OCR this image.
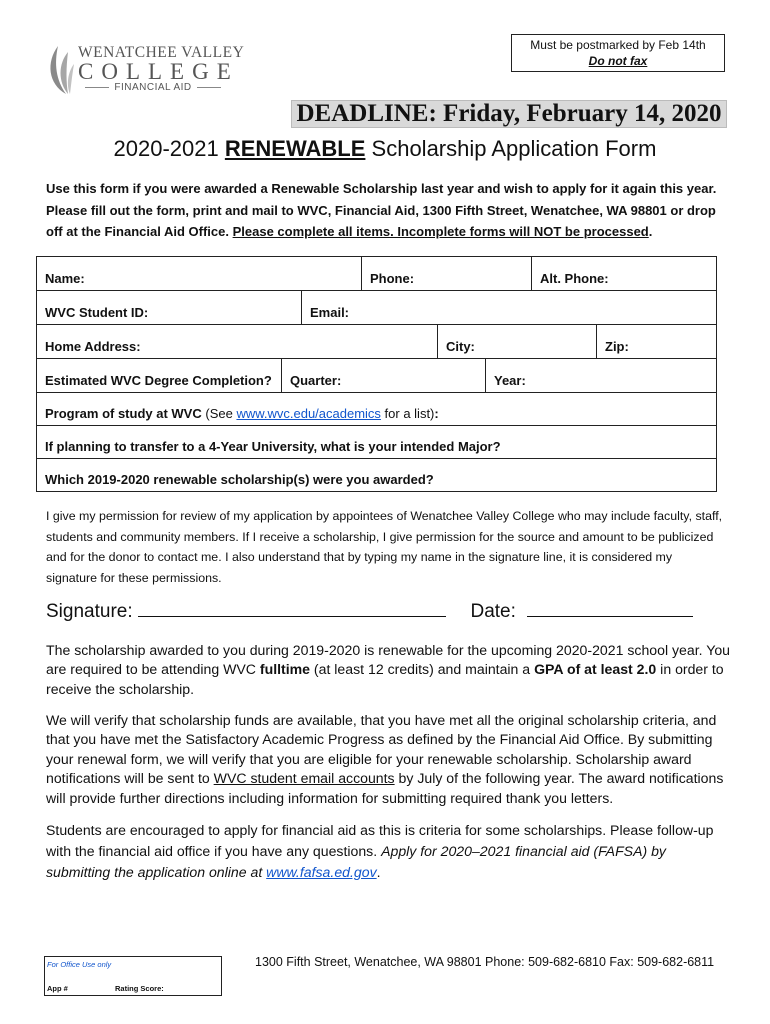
Must be postmarked by Feb 14th
Do not fax
WENATCHEE VALLEY
COLLEGE
FINANCIAL AID
DEADLINE: Friday, February 14, 2020
2020-2021 RENEWABLE Scholarship Application Form
Use this form if you were awarded a Renewable Scholarship last year and wish to apply for it again this year. Please fill out the form, print and mail to WVC, Financial Aid, 1300 Fifth Street, Wenatchee, WA 98801 or drop off at the Financial Aid Office. Please complete all items. Incomplete forms will NOT be processed.
Name:	Phone:	Alt. Phone:
WVC Student ID:	Email:
Home Address:	City:	Zip:
Estimated WVC Degree Completion? Quarter:	Year:
Program of study at WVC (See www.wvc.edu/academics for a list):
If planning to transfer to a 4-Year University, what is your intended Major?
Which 2019-2020 renewable scholarship(s) were you awarded?
I give my permission for review of my application by appointees of Wenatchee Valley College who may include faculty, staff, students and community members. If I receive a scholarship, I give permission for the source and amount to be publicized and for the donor to contact me. I also understand that by typing my name in the signature line, it is considered my signature for these permissions.
Signature:	Date:
The scholarship awarded to you during 2019-2020 is renewable for the upcoming 2020-2021 school year. You are required to be attending WVC fulltime (at least 12 credits) and maintain a GPA of at least 2.0 in order to receive the scholarship.
We will verify that scholarship funds are available, that you have met all the original scholarship criteria, and that you have met the Satisfactory Academic Progress as defined by the Financial Aid Office. By submitting your renewal form, we will verify that you are eligible for your renewable scholarship. Scholarship award notifications will be sent to WVC student email accounts by July of the following year. The award notifications will provide further directions including information for submitting required thank you letters.
Students are encouraged to apply for financial aid as this is criteria for some scholarships. Please follow-up with the financial aid office if you have any questions. Apply for 2020–2021 financial aid (FAFSA) by submitting the application online at www.fafsa.ed.gov.
For Office Use only
App #	Rating Score:
1300 Fifth Street, Wenatchee, WA 98801 Phone: 509-682-6810 Fax: 509-682-6811
